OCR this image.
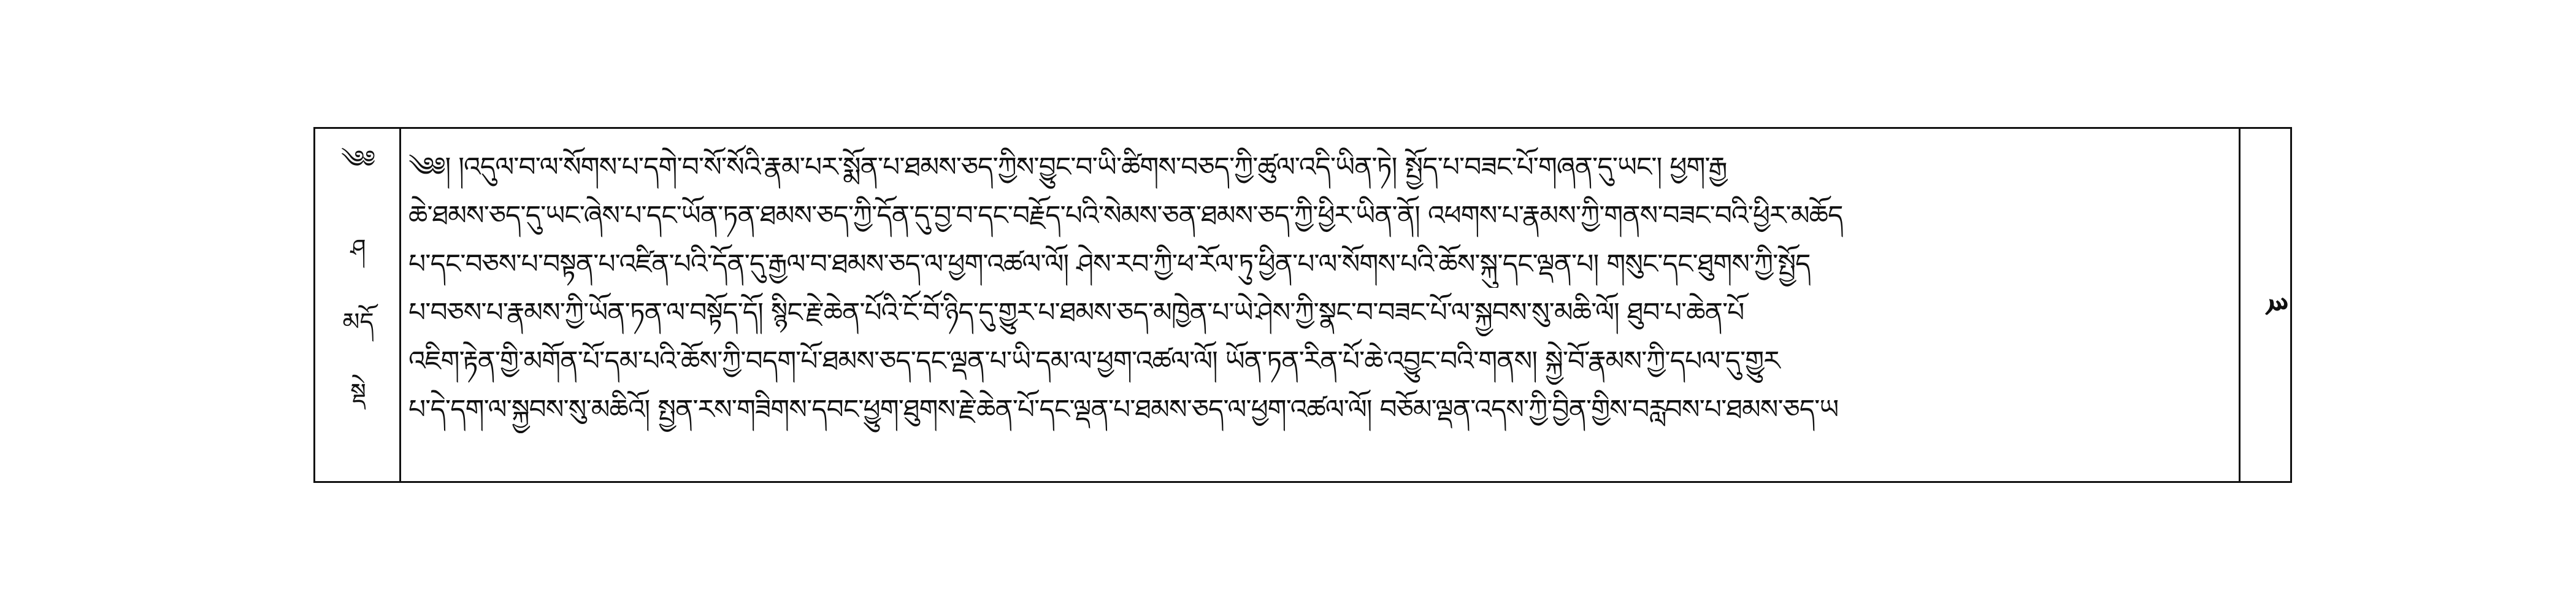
༄༅
ཤ
མདོ
སྡེ
༄༅། །འདུལ་བ་ལ་སོགས་པ་དགེ་བ་སོ་སོའི་རྣམ་པར་སྨོན་པ་ཐམས་ཅད་ཀྱིས་བྱུང་བ་ཡི་ཚིགས་བཅད་ཀྱི་ཚུལ་འདི་ཡིན་ཏེ། སྤྱོད་པ་བཟང་པོ་གཞན་དུ་ཡང་། ཕྱག་རྒྱ
ཆེ་ཐམས་ཅད་དུ་ཡང་ཞེས་པ་དང་ཡོན་ཏན་ཐམས་ཅད་ཀྱི་དོན་དུ་བྱ་བ་དང་བརྗོད་པའི་སེམས་ཅན་ཐམས་ཅད་ཀྱི་ཕྱིར་ཡིན་ནོ། འཕགས་པ་རྣམས་ཀྱི་གནས་བཟང་བའི་ཕྱིར་མཆོད
པ་དང་བཅས་པ་བསྟན་པ་འཛིན་པའི་དོན་དུ་རྒྱལ་བ་ཐམས་ཅད་ལ་ཕྱག་འཚལ་ལོ། ཤེས་རབ་ཀྱི་ཕ་རོལ་ཏུ་ཕྱིན་པ་ལ་སོགས་པའི་ཆོས་སྐུ་དང་ལྡན་པ། གསུང་དང་ཐུགས་ཀྱི་སྤྱོད
པ་བཅས་པ་རྣམས་ཀྱི་ཡོན་ཏན་ལ་བསྟོད་དོ། སྙིང་རྗེ་ཆེན་པོའི་ངོ་བོ་ཉིད་དུ་གྱུར་པ་ཐམས་ཅད་མཁྱེན་པ་ཡེ་ཤེས་ཀྱི་སྣང་བ་བཟང་པོ་ལ་སྐྱབས་སུ་མཆི་ལོ། ཐུབ་པ་ཆེན་པོ
འཇིག་རྟེན་གྱི་མགོན་པོ་དམ་པའི་ཆོས་ཀྱི་བདག་པོ་ཐམས་ཅད་དང་ལྡན་པ་ཡི་དམ་ལ་ཕྱག་འཚལ་ལོ། ཡོན་ཏན་རིན་པོ་ཆེ་འབྱུང་བའི་གནས། སྐྱེ་བོ་རྣམས་ཀྱི་དཔལ་དུ་གྱུར
པ་དེ་དག་ལ་སྐྱབས་སུ་མཆིའོ། སྤྱན་རས་གཟིགས་དབང་ཕྱུག་ཐུགས་རྗེ་ཆེན་པོ་དང་ལྡན་པ་ཐམས་ཅད་ལ་ཕྱག་འཚལ་ལོ། བཅོམ་ལྡན་འདས་ཀྱི་བྱིན་གྱིས་བརླབས་པ་ཐམས་ཅད་ཡ
༣
